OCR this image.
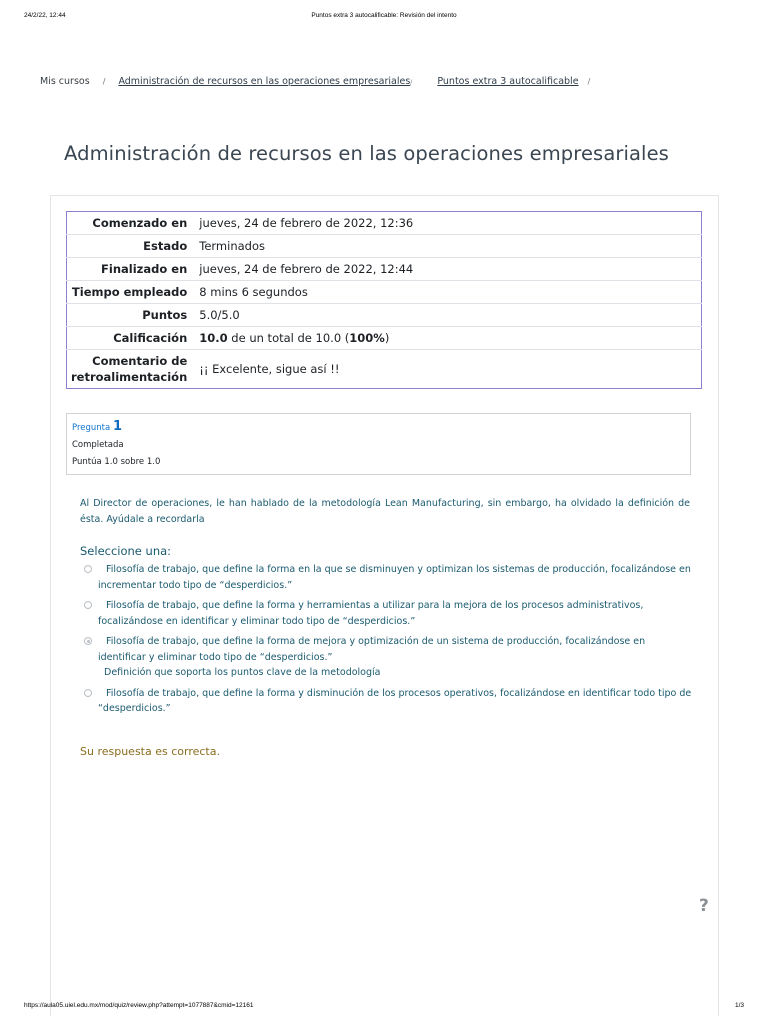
24/2/22, 12:44	Puntos extra 3 autocalificable: Revisión del intento
Mis cursos / Administración de recursos en las operaciones empresariales/	Puntos extra 3 autocalificable /
Administración de recursos en las operaciones empresariales
Comenzado en	jueves, 24 de febrero de 2022, 12:36
Estado	Terminados
Finalizado en	jueves, 24 de febrero de 2022, 12:44
Tiempo empleado	8 mins 6 segundos
Puntos	5.0/5.0
Calificación	10.0 de un total de 10.0 (100%)
Comentario de retroalimentación	¡¡ Excelente, sigue así !!
Pregunta 1
Completada
Puntúa 1.0 sobre 1.0
Al Director de operaciones, le han hablado de la metodología Lean Manufacturing, sin embargo, ha olvidado la definición de ésta. Ayúdale a recordarla
Seleccione una:
Filosofía de trabajo, que define la forma en la que se disminuyen y optimizan los sistemas de producción, focalizándose en incrementar todo tipo de “desperdicios.”
Filosofía de trabajo, que define la forma y herramientas a utilizar para la mejora de los procesos administrativos, focalizándose en identificar y eliminar todo tipo de “desperdicios.”
Filosofía de trabajo, que define la forma de mejora y optimización de un sistema de producción, focalizándose en identificar y eliminar todo tipo de “desperdicios.”
Definición que soporta los puntos clave de la metodología
Filosofía de trabajo, que define la forma y disminución de los procesos operativos, focalizándose en identificar todo tipo de “desperdicios.”
Su respuesta es correcta.
?
https://aula05.uiel.edu.mx/mod/quiz/review.php?attempt=1077887&cmid=12161	1/3
